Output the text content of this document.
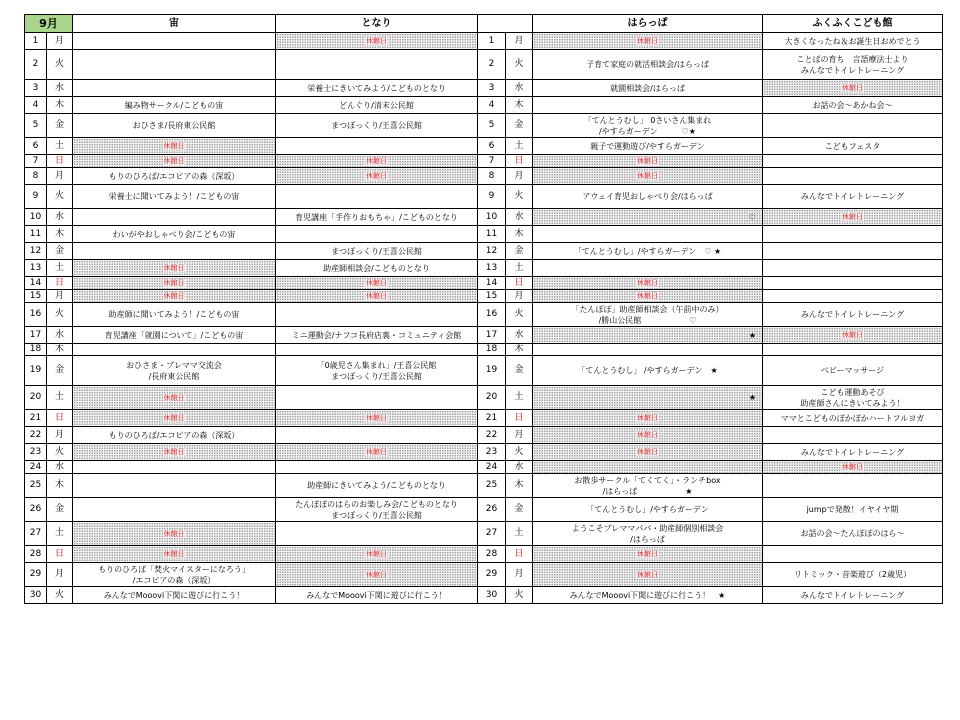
9月		宙	となり			はらっぱ	ふくふくこども館
1	月		休館日	1	月	休館日	大きくなったね＆お誕生日おめでとう
2	火			2	火	子育て家庭の就活相談会/はらっぱ	ことばの育ち　言語療法士より
みんなでトイレトレーニング
3	水		栄養士にきいてみよう/こどものとなり	3	水	就園相談会/はらっぱ	休館日
4	木	編み物サークル/こどもの宙	どんぐり/清末公民館	4	木		お話の会～あかね会～
5	金	おひさま/長府東公民館	まつぼっくり/王喜公民館	5	金	「てんとうむし」 0さいさん集まれ
/やすらガーデン　　　♡★	
6	土	休館日		6	土	親子で運動遊び/やすらガーデン	こどもフェスタ
7	日	休館日	休館日	7	日	休館日	
8	月	もりのひろば/エコピアの森（深坂）	休館日	8	月	休館日	
9	火	栄養士に聞いてみよう！/こどもの宙		9	火	アウェイ育児おしゃべり会/はらっぱ	みんなでトイレトレーニング
10	水		育児講座「手作りおもちゃ」/こどものとなり	10	水	♡	休館日
11	木	わいがやおしゃべり会/こどもの宙		11	木		
12	金		まつぼっくり/王喜公民館	12	金	「てんとうむし」/やすらガーデン　♡ ★	
13	土	休館日	助産師相談会/こどものとなり	13	土		
14	日	休館日	休館日	14	日	休館日	
15	月	休館日	休館日	15	月	休館日	
16	火	助産師に聞いてみよう！/こどもの宙		16	火	「たんぽぽ」助産師相談会（午前中のみ）
/勝山公民館　　　　　　♡	みんなでトイレトレーニング
17	水	育児講座「就園について」/こどもの宙	ミニ運動会/ナフコ長府店裏・コミュニティ会館	17	水	★	休館日
18	木			18	木		
19	金	おひさま・プレママ交流会
/長府東公民館	「0歳児さん集まれ」/王喜公民館
まつぼっくり/王喜公民館	19	金	「てんとうむし」 /やすらガーデン　★	ベビーマッサージ
20	土	休館日		20	土	★	こども運動あそび
助産師さんにきいてみよう！
21	日	休館日	休館日	21	日	休館日	ママとこどものぽかぽかハートフルヨガ
22	月	もりのひろば/エコピアの森（深坂）		22	月	休館日	
23	火	休館日	休館日	23	火	休館日	みんなでトイレトレーニング
24	水			24	水		休館日
25	木		助産師にきいてみよう/こどものとなり	25	木	お散歩サークル「てくてく」・ランチbox
/はらっぱ　　　　　　★	
26	金		たんぽぽのはらのお楽しみ会/こどものとなり
まつぼっくり/王喜公民館	26	金	「てんとうむし」/やすらガーデン	jumpで発散！イヤイヤ期
27	土	休館日		27	土	ようこそプレママパパ・助産師個別相談会
/はらっぱ	お話の会～たんぽぽのはら～
28	日	休館日	休館日	28	日	休館日	
29	月	もりのひろば「焚火マイスターになろう」
/エコピアの森（深坂）	休館日	29	月	休館日	リトミック・音楽遊び（2歳児）
30	火	みんなでMooovi下関に遊びに行こう！	みんなでMooovi下関に遊びに行こう！	30	火	みんなでMooovi下関に遊びに行こう！　★	みんなでトイレトレーニング
